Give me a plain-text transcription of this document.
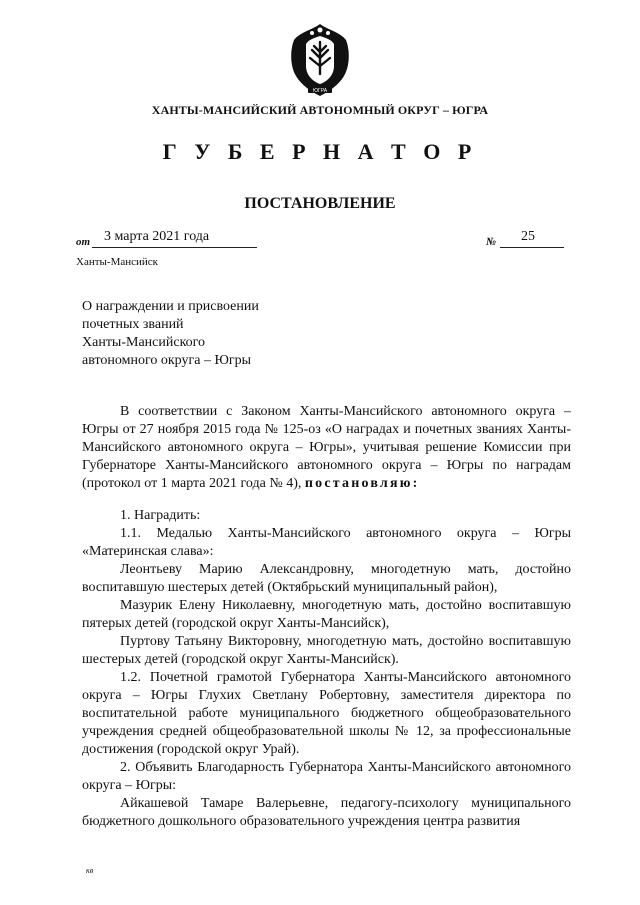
ЮГРА
ХАНТЫ-МАНСИЙСКИЙ АВТОНОМНЫЙ ОКРУГ – ЮГРА
Г У Б Е Р Н А Т О Р
ПОСТАНОВЛЕНИЕ
от 3 марта 2021 года	№ 25
Ханты-Мансийск
О награждении и присвоении
почетных званий
Ханты-Мансийского
автономного округа – Югры

В соответствии с Законом Ханты-Мансийского автономного округа – Югры от 27 ноября 2015 года № 125-оз «О наградах и почетных званиях Ханты-Мансийского автономного округа – Югры», учитывая решение Комиссии при Губернаторе Ханты-Мансийского автономного округа – Югры по наградам (протокол от 1 марта 2021 года № 4), постановляю:

1. Наградить:

1.1. Медалью Ханты-Мансийского автономного округа – Югры «Материнская слава»:

Леонтьеву Марию Александровну, многодетную мать, достойно воспитавшую шестерых детей (Октябрьский муниципальный район),

Мазурик Елену Николаевну, многодетную мать, достойно воспитавшую пятерых детей (городской округ Ханты-Мансийск),

Пуртову Татьяну Викторовну, многодетную мать, достойно воспитавшую шестерых детей (городской округ Ханты-Мансийск).

1.2. Почетной грамотой Губернатора Ханты-Мансийского автономного округа – Югры Глухих Светлану Робертовну, заместителя директора по воспитательной работе муниципального бюджетного общеобразовательного учреждения средней общеобразовательной школы № 12, за профессиональные достижения (городской округ Урай).

2. Объявить Благодарность Губернатора Ханты-Мансийского автономного округа – Югры:

Айкашевой Тамаре Валерьевне, педагогу-психологу муниципального бюджетного дошкольного образовательного учреждения центра развития

кв
